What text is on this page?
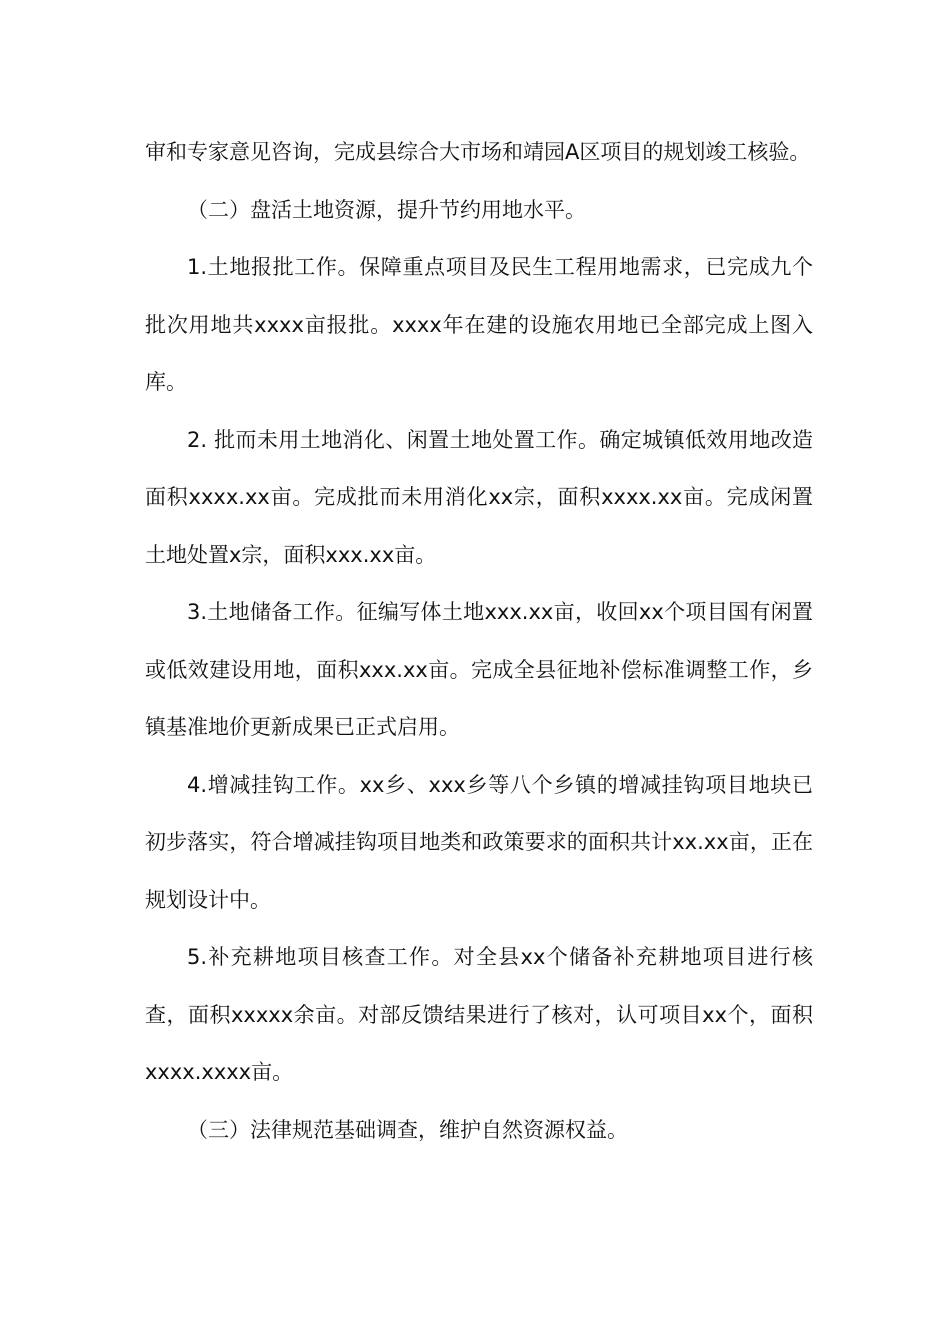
审和专家意见咨询，完成县综合大市场和靖园A区项目的规划竣工核验。

（二）盘活土地资源，提升节约用地水平。

1.土地报批工作。保障重点项目及民生工程用地需求，已完成九个批次用地共xxxx亩报批。xxxx年在建的设施农用地已全部完成上图入库。

2. 批而未用土地消化、闲置土地处置工作。确定城镇低效用地改造面积xxxx.xx亩。完成批而未用消化xx宗，面积xxxx.xx亩。完成闲置土地处置x宗，面积xxx.xx亩。

3.土地储备工作。征编写体土地xxx.xx亩，收回xx个项目国有闲置或低效建设用地，面积xxx.xx亩。完成全县征地补偿标准调整工作，乡镇基准地价更新成果已正式启用。

4.增减挂钩工作。xx乡、xxx乡等八个乡镇的增减挂钩项目地块已初步落实，符合增减挂钩项目地类和政策要求的面积共计xx.xx亩，正在规划设计中。

5.补充耕地项目核查工作。对全县xx个储备补充耕地项目进行核查，面积xxxxx余亩。对部反馈结果进行了核对，认可项目xx个，面积xxxx.xxxx亩。

（三）法律规范基础调查，维护自然资源权益。
